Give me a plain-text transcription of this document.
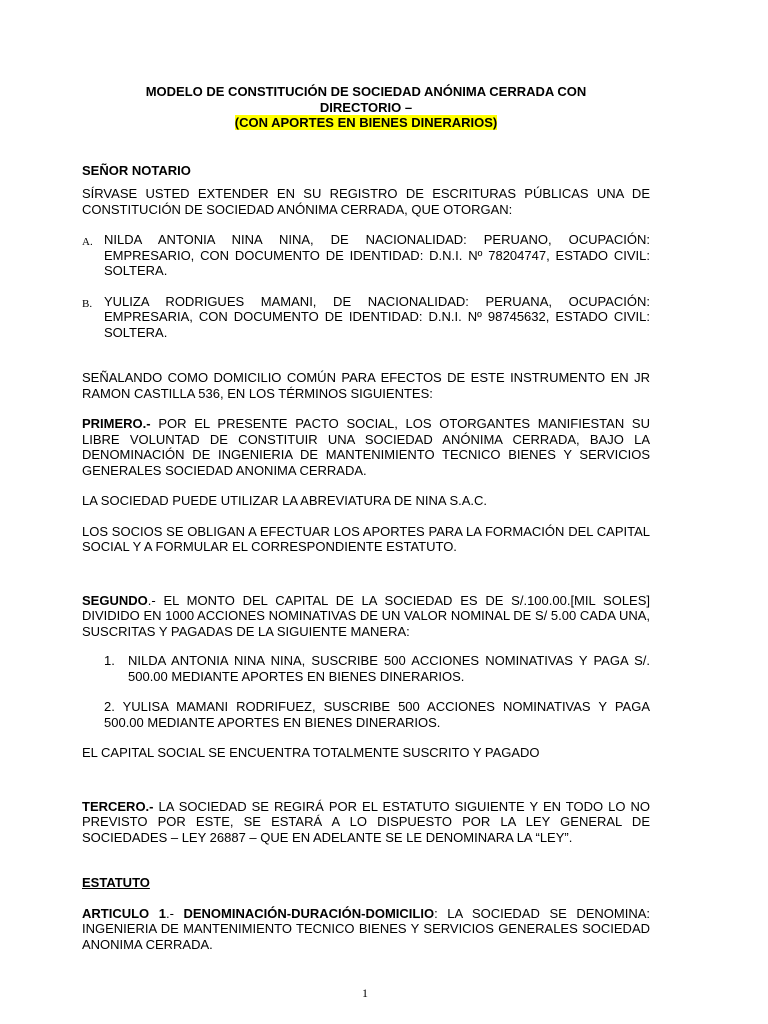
MODELO DE CONSTITUCIÓN DE SOCIEDAD ANÓNIMA CERRADA CON
DIRECTORIO –
(CON APORTES EN BIENES DINERARIOS)

SEÑOR NOTARIO

SÍRVASE USTED EXTENDER EN SU REGISTRO DE ESCRITURAS PÚBLICAS UNA DE CONSTITUCIÓN DE SOCIEDAD ANÓNIMA CERRADA, QUE OTORGAN:

A. NILDA ANTONIA NINA NINA, DE NACIONALIDAD: PERUANO, OCUPACIÓN: EMPRESARIO, CON DOCUMENTO DE IDENTIDAD: D.N.I. Nº 78204747, ESTADO CIVIL: SOLTERA.

B. YULIZA RODRIGUES MAMANI, DE NACIONALIDAD: PERUANA, OCUPACIÓN: EMPRESARIA, CON DOCUMENTO DE IDENTIDAD: D.N.I. Nº 98745632, ESTADO CIVIL: SOLTERA.

SEÑALANDO COMO DOMICILIO COMÚN PARA EFECTOS DE ESTE INSTRUMENTO EN JR RAMON CASTILLA 536, EN LOS TÉRMINOS SIGUIENTES:

PRIMERO.- POR EL PRESENTE PACTO SOCIAL, LOS OTORGANTES MANIFIESTAN SU LIBRE VOLUNTAD DE CONSTITUIR UNA SOCIEDAD ANÓNIMA CERRADA, BAJO LA DENOMINACIÓN DE INGENIERIA DE MANTENIMIENTO TECNICO BIENES Y SERVICIOS GENERALES SOCIEDAD ANONIMA CERRADA.

LA SOCIEDAD PUEDE UTILIZAR LA ABREVIATURA DE NINA S.A.C.

LOS SOCIOS SE OBLIGAN A EFECTUAR LOS APORTES PARA LA FORMACIÓN DEL CAPITAL SOCIAL Y A FORMULAR EL CORRESPONDIENTE ESTATUTO.

SEGUNDO.- EL MONTO DEL CAPITAL DE LA SOCIEDAD ES DE S/.100.00.[MIL SOLES] DIVIDIDO EN 1000 ACCIONES NOMINATIVAS DE UN VALOR NOMINAL DE S/ 5.00 CADA UNA, SUSCRITAS Y PAGADAS DE LA SIGUIENTE MANERA:

1.	NILDA ANTONIA NINA NINA, SUSCRIBE 500 ACCIONES NOMINATIVAS Y PAGA S/. 500.00 MEDIANTE APORTES EN BIENES DINERARIOS.

2. YULISA MAMANI RODRIFUEZ, SUSCRIBE 500 ACCIONES NOMINATIVAS Y PAGA 500.00 MEDIANTE APORTES EN BIENES DINERARIOS.

EL CAPITAL SOCIAL SE ENCUENTRA TOTALMENTE SUSCRITO Y PAGADO

TERCERO.- LA SOCIEDAD SE REGIRÁ POR EL ESTATUTO SIGUIENTE Y EN TODO LO NO PREVISTO POR ESTE, SE ESTARÁ A LO DISPUESTO POR LA LEY GENERAL DE SOCIEDADES – LEY 26887 – QUE EN ADELANTE SE LE DENOMINARA LA “LEY”.

ESTATUTO

ARTICULO 1.- DENOMINACIÓN-DURACIÓN-DOMICILIO: LA SOCIEDAD SE DENOMINA: INGENIERIA DE MANTENIMIENTO TECNICO BIENES Y SERVICIOS GENERALES SOCIEDAD ANONIMA CERRADA.

1
